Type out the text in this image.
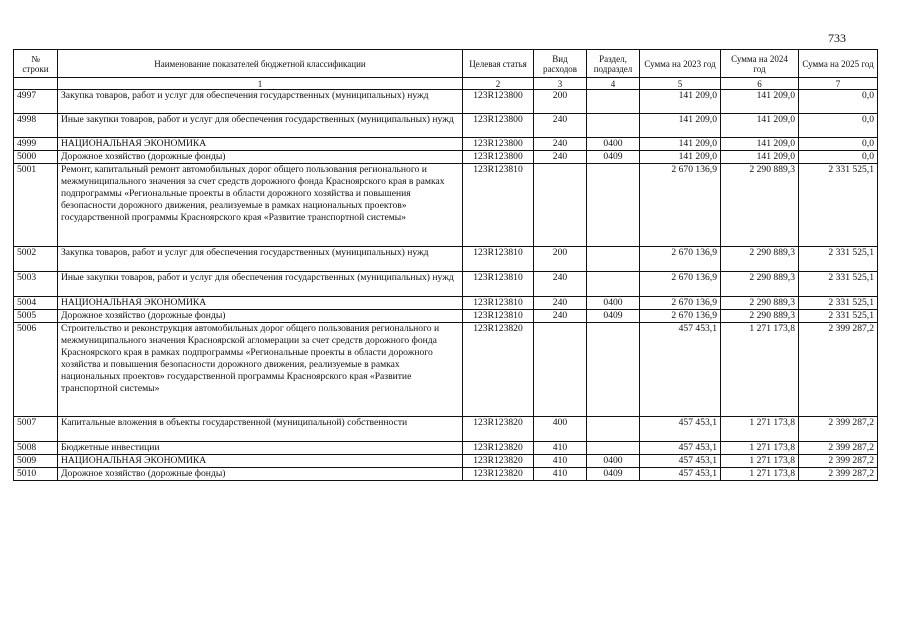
733
№ строки	Наименование показателей бюджетной классификации	Целевая статья	Вид расходов	Раздел, подраздел	Сумма на 2023 год	Сумма на 2024 год	Сумма на 2025 год
	1	2	3	4	5	6	7
4997	Закупка товаров, работ и услуг для обеспечения государственных (муниципальных) нужд	123R123800	200		141 209,0	141 209,0	0,0
4998	Иные закупки товаров, работ и услуг для обеспечения государственных (муниципальных) нужд	123R123800	240		141 209,0	141 209,0	0,0
4999	НАЦИОНАЛЬНАЯ ЭКОНОМИКА	123R123800	240	0400	141 209,0	141 209,0	0,0
5000	Дорожное хозяйство (дорожные фонды)	123R123800	240	0409	141 209,0	141 209,0	0,0
5001	Ремонт, капитальный ремонт автомобильных дорог общего пользования регионального и межмуниципального значения за счет средств дорожного фонда Красноярского края в рамках подпрограммы «Региональные проекты в области дорожного хозяйства и повышения безопасности дорожного движения, реализуемые в рамках национальных проектов» государственной программы Красноярского края «Развитие транспортной системы»	123R123810			2 670 136,9	2 290 889,3	2 331 525,1
5002	Закупка товаров, работ и услуг для обеспечения государственных (муниципальных) нужд	123R123810	200		2 670 136,9	2 290 889,3	2 331 525,1
5003	Иные закупки товаров, работ и услуг для обеспечения государственных (муниципальных) нужд	123R123810	240		2 670 136,9	2 290 889,3	2 331 525,1
5004	НАЦИОНАЛЬНАЯ ЭКОНОМИКА	123R123810	240	0400	2 670 136,9	2 290 889,3	2 331 525,1
5005	Дорожное хозяйство (дорожные фонды)	123R123810	240	0409	2 670 136,9	2 290 889,3	2 331 525,1
5006	Строительство и реконструкция автомобильных дорог общего пользования регионального и межмуниципального значения Красноярской агломерации за счет средств дорожного фонда Красноярского края в рамках подпрограммы «Региональные проекты в области дорожного хозяйства и повышения безопасности дорожного движения, реализуемые в рамках национальных проектов» государственной программы Красноярского края «Развитие транспортной системы»	123R123820			457 453,1	1 271 173,8	2 399 287,2
5007	Капитальные вложения в объекты государственной (муниципальной) собственности	123R123820	400		457 453,1	1 271 173,8	2 399 287,2
5008	Бюджетные инвестиции	123R123820	410		457 453,1	1 271 173,8	2 399 287,2
5009	НАЦИОНАЛЬНАЯ ЭКОНОМИКА	123R123820	410	0400	457 453,1	1 271 173,8	2 399 287,2
5010	Дорожное хозяйство (дорожные фонды)	123R123820	410	0409	457 453,1	1 271 173,8	2 399 287,2
